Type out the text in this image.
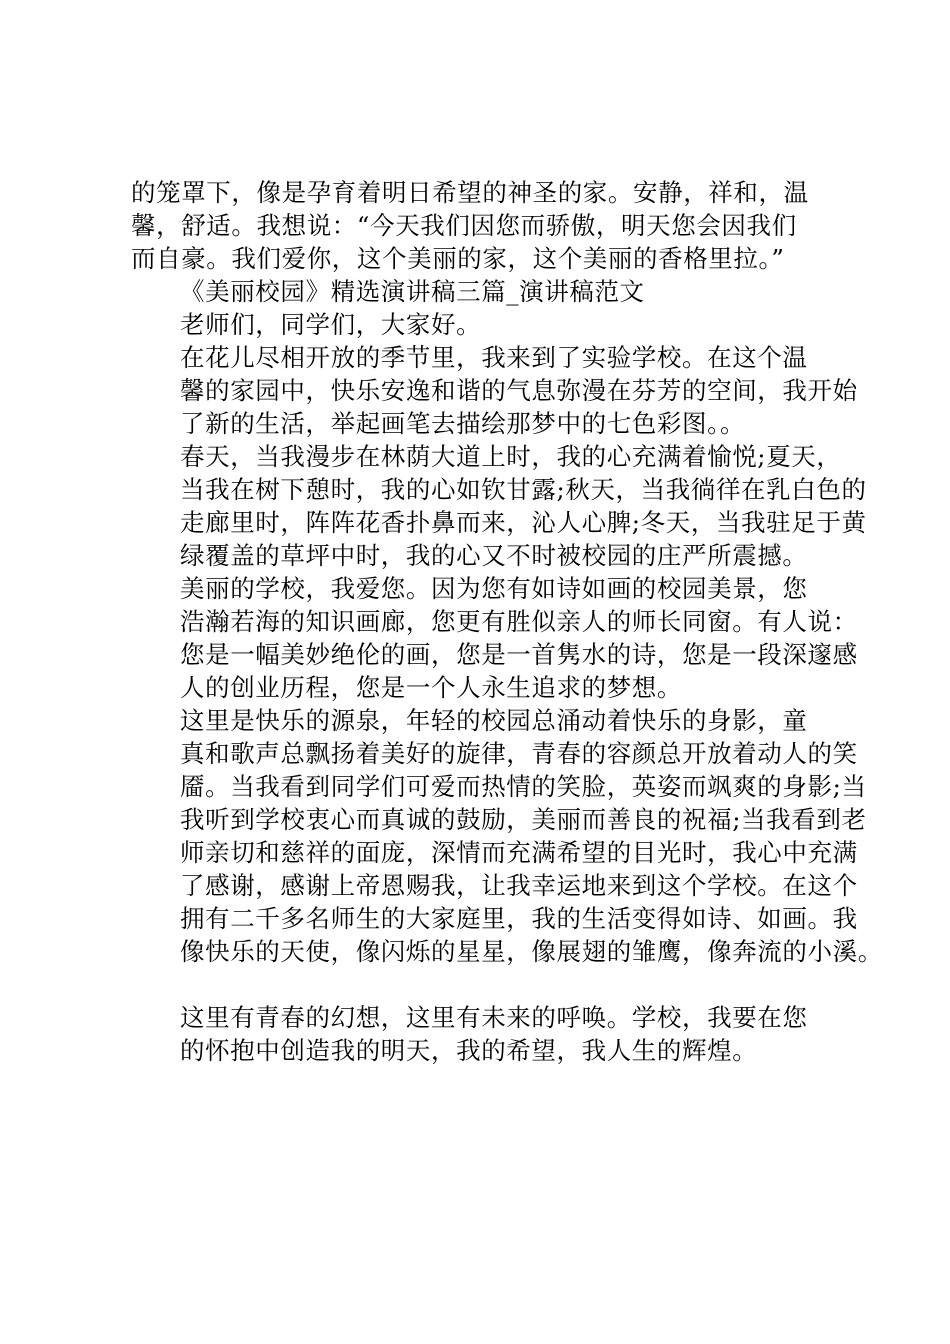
的笼罩下，像是孕育着明日希望的神圣的家。安静，祥和，温
馨，舒适。我想说：“今天我们因您而骄傲，明天您会因我们
而自豪。我们爱你，这个美丽的家，这个美丽的香格里拉。”

《美丽校园》精选演讲稿三篇_演讲稿范文

老师们，同学们，大家好。

在花儿尽相开放的季节里，我来到了实验学校。在这个温
馨的家园中，快乐安逸和谐的气息弥漫在芬芳的空间，我开始
了新的生活，举起画笔去描绘那梦中的七色彩图。。

春天，当我漫步在林荫大道上时，我的心充满着愉悦;夏天，
当我在树下憩时，我的心如钦甘露;秋天，当我徜徉在乳白色的
走廊里时，阵阵花香扑鼻而来，沁人心脾;冬天，当我驻足于黄
绿覆盖的草坪中时，我的心又不时被校园的庄严所震撼。

美丽的学校，我爱您。因为您有如诗如画的校园美景，您
浩瀚若海的知识画廊，您更有胜似亲人的师长同窗。有人说：
您是一幅美妙绝伦的画，您是一首隽水的诗，您是一段深邃感
人的创业历程，您是一个人永生追求的梦想。

这里是快乐的源泉，年轻的校园总涌动着快乐的身影，童
真和歌声总飘扬着美好的旋律，青春的容颜总开放着动人的笑
靥。当我看到同学们可爱而热情的笑脸，英姿而飒爽的身影;当
我听到学校衷心而真诚的鼓励，美丽而善良的祝福;当我看到老
师亲切和慈祥的面庞，深情而充满希望的目光时，我心中充满
了感谢，感谢上帝恩赐我，让我幸运地来到这个学校。在这个
拥有二千多名师生的大家庭里，我的生活变得如诗、如画。我
像快乐的天使，像闪烁的星星，像展翅的雏鹰，像奔流的小溪。

这里有青春的幻想，这里有未来的呼唤。学校，我要在您
的怀抱中创造我的明天，我的希望，我人生的辉煌。
